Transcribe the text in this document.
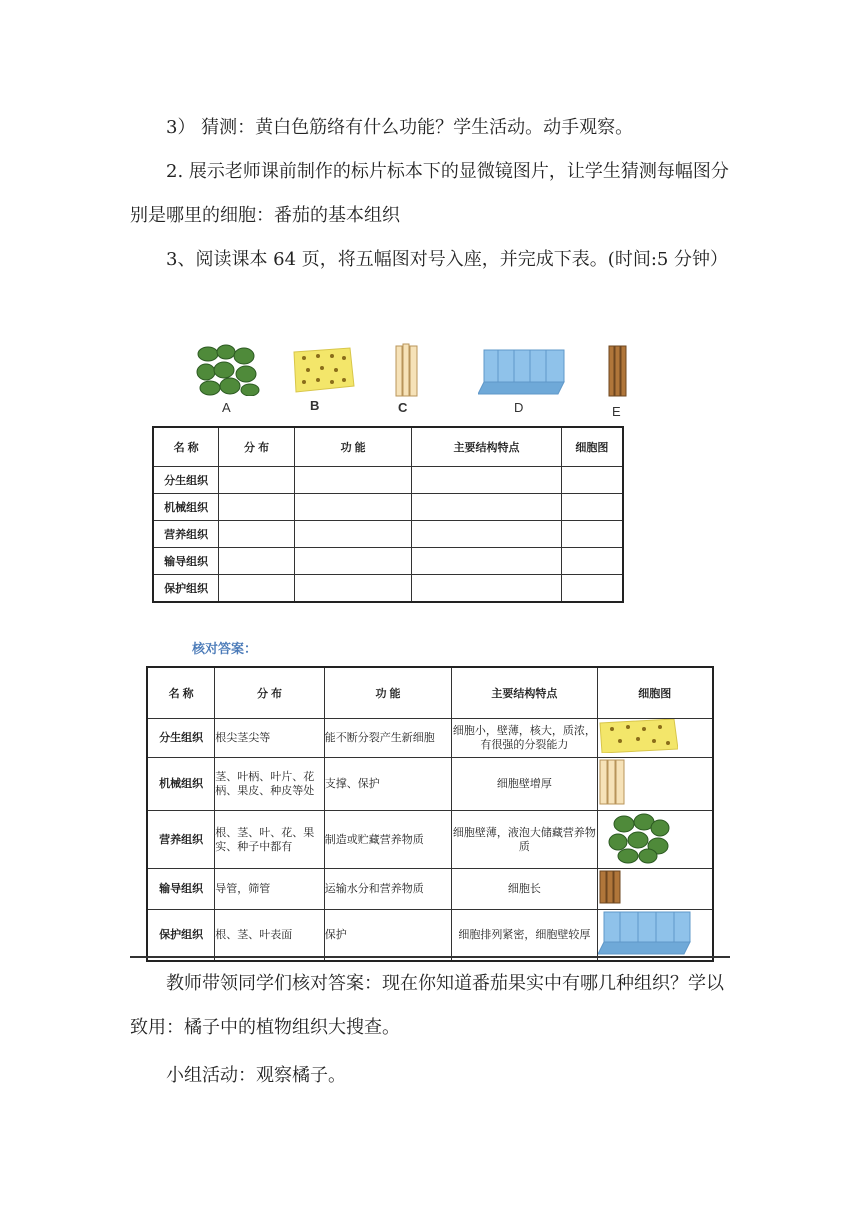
3） 猜测：黄白色筋络有什么功能？学生活动。动手观察。

2. 展示老师课前制作的标片标本下的显微镜图片，让学生猜测每幅图分别是哪里的细胞：番茄的基本组织

3、阅读课本 64 页，将五幅图对号入座，并完成下表。(时间:5 分钟）

A	B	C	D	E
名 称	分 布	功 能	主要结构特点	细胞图
分生组织				
机械组织				
营养组织				
输导组织				
保护组织				
核对答案：
名 称	分 布	功 能	主要结构特点	细胞图
分生组织	根尖茎尖等	能不断分裂产生新细胞	细胞小，壁薄，核大，质浓，有很强的分裂能力	
机械组织	茎、叶柄、叶片、花柄、果皮、种皮等处	支撑、保护	细胞壁增厚	
营养组织	根、茎、叶、花、果实、种子中都有	制造或贮藏营养物质	细胞壁薄，液泡大储藏营养物质	
输导组织	导管，筛管	运输水分和营养物质	细胞长	
保护组织	根、茎、叶表面	保护	细胞排列紧密，细胞壁较厚	

教师带领同学们核对答案：现在你知道番茄果实中有哪几种组织？学以致用：橘子中的植物组织大搜查。

小组活动：观察橘子。
